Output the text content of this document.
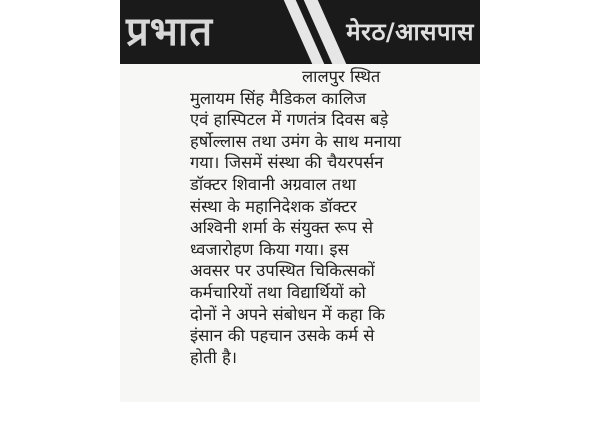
प्रभात	मेरठ/आसपास
लालपुर स्थित
मुलायम सिंह मैडिकल कालिज
एवं हास्पिटल में गणतंत्र दिवस बड़े
हर्षोल्लास तथा उमंग के साथ मनाया
गया। जिसमें संस्था की चैयरपर्सन
डॉक्टर शिवानी अग्रवाल तथा
संस्था के महानिदेशक डॉक्टर
अश्विनी शर्मा के संयुक्त रूप से
ध्वजारोहण किया गया। इस
अवसर पर उपस्थित चिकित्सकों
कर्मचारियों तथा विद्यार्थियों को
दोनों ने अपने संबोधन में कहा कि
इंसान की पहचान उसके कर्म से
होती है।
